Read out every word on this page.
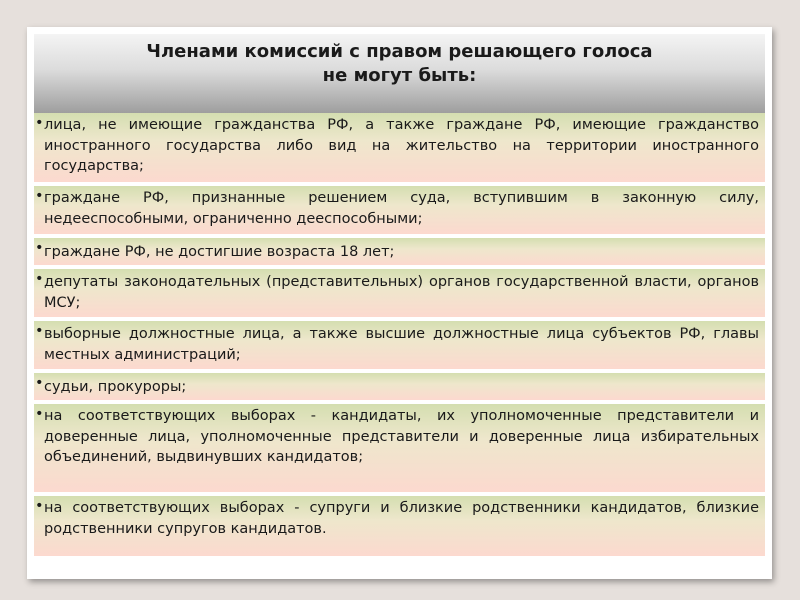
Членами комиссий с правом решающего голоса
не могут быть:
• лица, не имеющие гражданства РФ, а также граждане РФ, имеющие гражданство иностранного государства либо вид на жительство на территории иностранного государства;
• граждане РФ, признанные решением суда, вступившим в законную силу, недееспособными, ограниченно дееспособными;
• граждане РФ, не достигшие возраста 18 лет;
• депутаты законодательных (представительных) органов государственной власти, органов МСУ;
• выборные должностные лица, а также высшие должностные лица субъектов РФ, главы местных администраций;
• судьи, прокуроры;
• на соответствующих выборах - кандидаты, их уполномоченные представители и доверенные лица, уполномоченные представители и доверенные лица избирательных объединений, выдвинувших кандидатов;
• на соответствующих выборах - супруги и близкие родственники кандидатов, близкие родственники супругов кандидатов.
